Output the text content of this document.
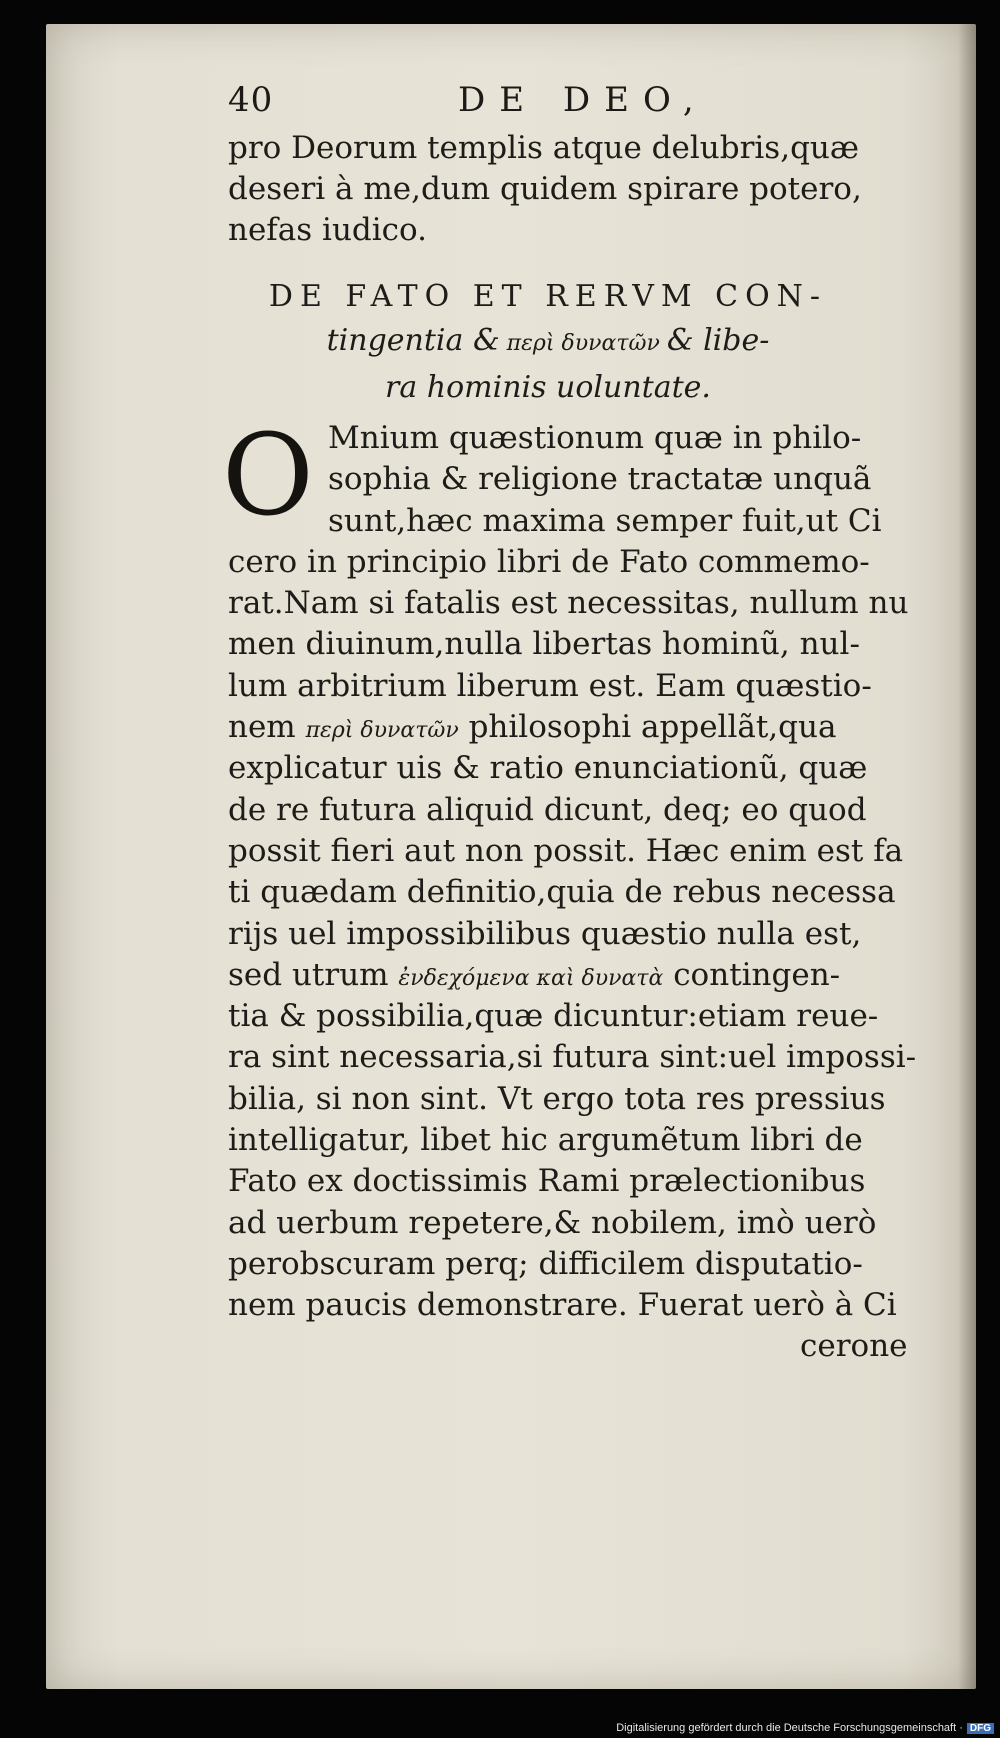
40	DE DEO,
pro Deorum templis atque delubris,quæ
deseri à me,dum quidem spirare potero,
nefas iudico.
DE FATO ET RERVM CON-
tingentia & περὶ δυνατῶν & libe-
ra hominis uoluntate.
O Mnium quæstionum quæ in philo-
sophia & religione tractatæ unquã
sunt,hæc maxima semper fuit,ut Ci
cero in principio libri de Fato commemo-
rat.Nam si fatalis est necessitas, nullum nu
men diuinum,nulla libertas hominũ, nul-
lum arbitrium liberum est. Eam quæstio-
nem περὶ δυνατῶν philosophi appellãt,qua
explicatur uis & ratio enunciationũ, quæ
de re futura aliquid dicunt, deq; eo quod
possit fieri aut non possit. Hæc enim est fa
ti quædam definitio,quia de rebus necessa
rijs uel impossibilibus quæstio nulla est,
sed utrum ἐνδεχόμενα καὶ δυνατὰ contingen-
tia & possibilia,quæ dicuntur:etiam reue-
ra sint necessaria,si futura sint:uel impossi-
bilia, si non sint. Vt ergo tota res pressius
intelligatur, libet hic argumẽtum libri de
Fato ex doctissimis Rami prælectionibus
ad uerbum repetere,& nobilem, imò uerò
perobscuram perq; difficilem disputatio-
nem paucis demonstrare. Fuerat uerò à Ci
cerone
Digitalisierung gefördert durch die Deutsche Forschungsgemeinschaft · DFG
